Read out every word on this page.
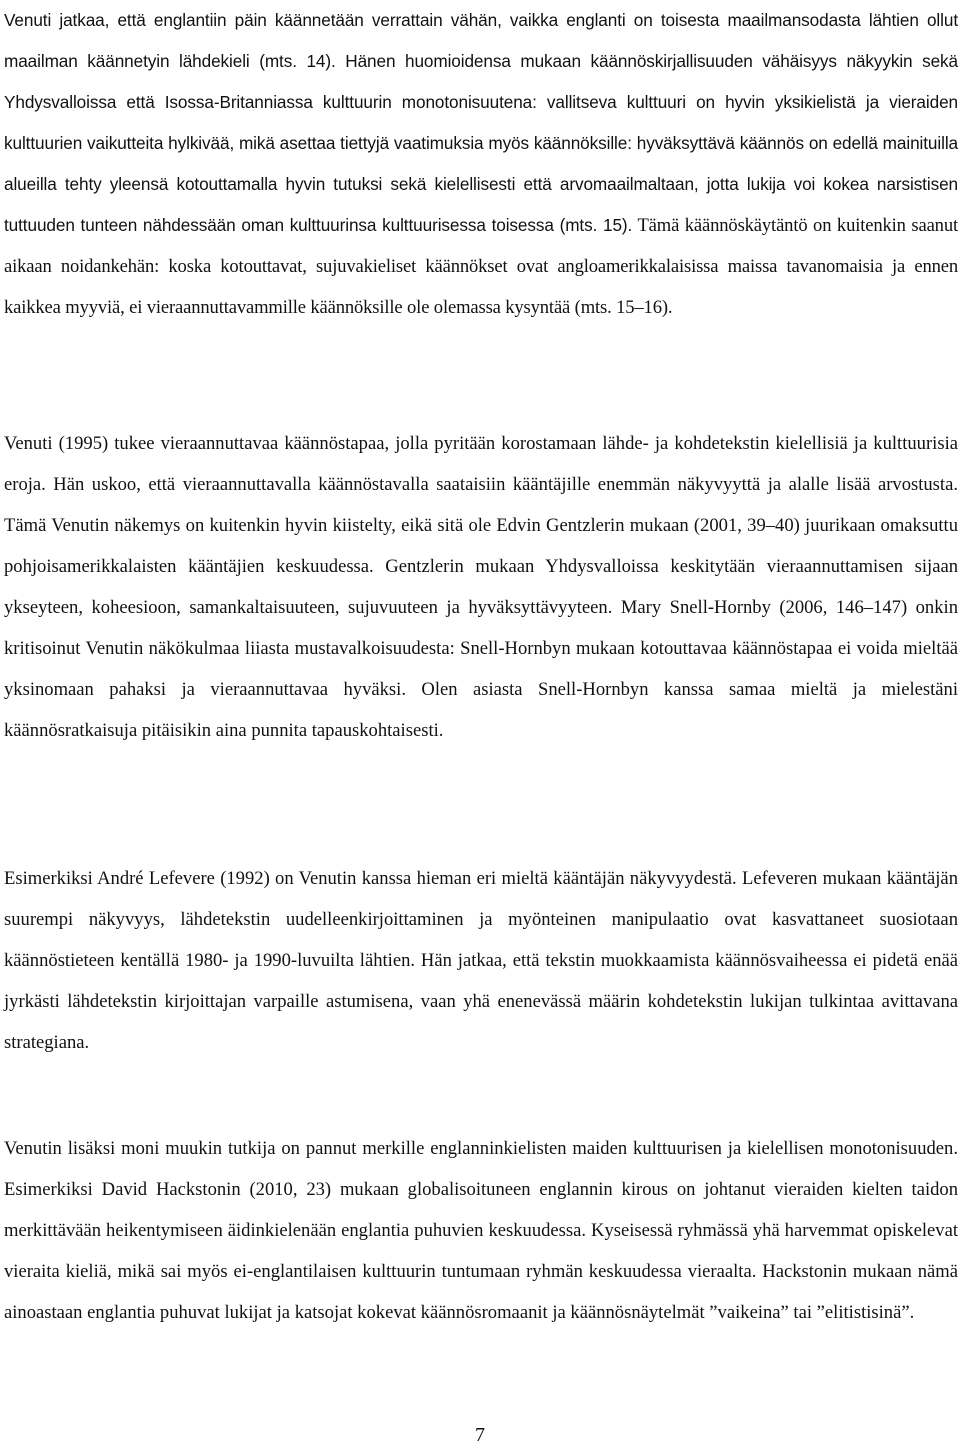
Venuti jatkaa, että englantiin päin käännetään verrattain vähän, vaikka englanti on toisesta maailmansodasta lähtien ollut maailman käännetyin lähdekieli (mts. 14). Hänen huomioidensa mukaan käännöskirjallisuuden vähäisyys näkyykin sekä Yhdysvalloissa että Isossa-Britanniassa kulttuurin monotonisuutena: vallitseva kulttuuri on hyvin yksikielistä ja vieraiden kulttuurien vaikutteita hylkivää, mikä asettaa tiettyjä vaatimuksia myös käännöksille: hyväksyttävä käännös on edellä mainituilla alueilla tehty yleensä kotouttamalla hyvin tutuksi sekä kielellisesti että arvomaailmaltaan, jotta lukija voi kokea narsistisen tuttuuden tunteen nähdessään oman kulttuurinsa kulttuurisessa toisessa (mts. 15). Tämä käännöskäytäntö on kuitenkin saanut aikaan noidankehän: koska kotouttavat, sujuvakieliset käännökset ovat angloamerikkalaisissa maissa tavanomaisia ja ennen kaikkea myyviä, ei vieraannuttavammille käännöksille ole olemassa kysyntää (mts. 15–16).

Venuti (1995) tukee vieraannuttavaa käännöstapaa, jolla pyritään korostamaan lähde- ja kohdetekstin kielellisiä ja kulttuurisia eroja. Hän uskoo, että vieraannuttavalla käännöstavalla saataisiin kääntäjille enemmän näkyvyyttä ja alalle lisää arvostusta. Tämä Venutin näkemys on kuitenkin hyvin kiistelty, eikä sitä ole Edvin Gentzlerin mukaan (2001, 39–40) juurikaan omaksuttu pohjoisamerikkalaisten kääntäjien keskuudessa. Gentzlerin mukaan Yhdysvalloissa keskitytään vieraannuttamisen sijaan ykseyteen, koheesioon, samankaltaisuuteen, sujuvuuteen ja hyväksyttävyyteen. Mary Snell-Hornby (2006, 146–147) onkin kritisoinut Venutin näkökulmaa liiasta mustavalkoisuudesta: Snell-Hornbyn mukaan kotouttavaa käännöstapaa ei voida mieltää yksinomaan pahaksi ja vieraannuttavaa hyväksi. Olen asiasta Snell-Hornbyn kanssa samaa mieltä ja mielestäni käännösratkaisuja pitäisikin aina punnita tapauskohtaisesti.

Esimerkiksi André Lefevere (1992) on Venutin kanssa hieman eri mieltä kääntäjän näkyvyydestä. Lefeveren mukaan kääntäjän suurempi näkyvyys, lähdetekstin uudelleenkirjoittaminen ja myönteinen manipulaatio ovat kasvattaneet suosiotaan käännöstieteen kentällä 1980- ja 1990-luvuilta lähtien. Hän jatkaa, että tekstin muokkaamista käännösvaiheessa ei pidetä enää jyrkästi lähdetekstin kirjoittajan varpaille astumisena, vaan yhä enenevässä määrin kohdetekstin lukijan tulkintaa avittavana strategiana.

Venutin lisäksi moni muukin tutkija on pannut merkille englanninkielisten maiden kulttuurisen ja kielellisen monotonisuuden. Esimerkiksi David Hackstonin (2010, 23) mukaan globalisoituneen englannin kirous on johtanut vieraiden kielten taidon merkittävään heikentymiseen äidinkielenään englantia puhuvien keskuudessa. Kyseisessä ryhmässä yhä harvemmat opiskelevat vieraita kieliä, mikä sai myös ei-englantilaisen kulttuurin tuntumaan ryhmän keskuudessa vieraalta. Hackstonin mukaan nämä ainoastaan englantia puhuvat lukijat ja katsojat kokevat käännösromaanit ja käännösnäytelmät ”vaikeina” tai ”elitistisinä”.

7
